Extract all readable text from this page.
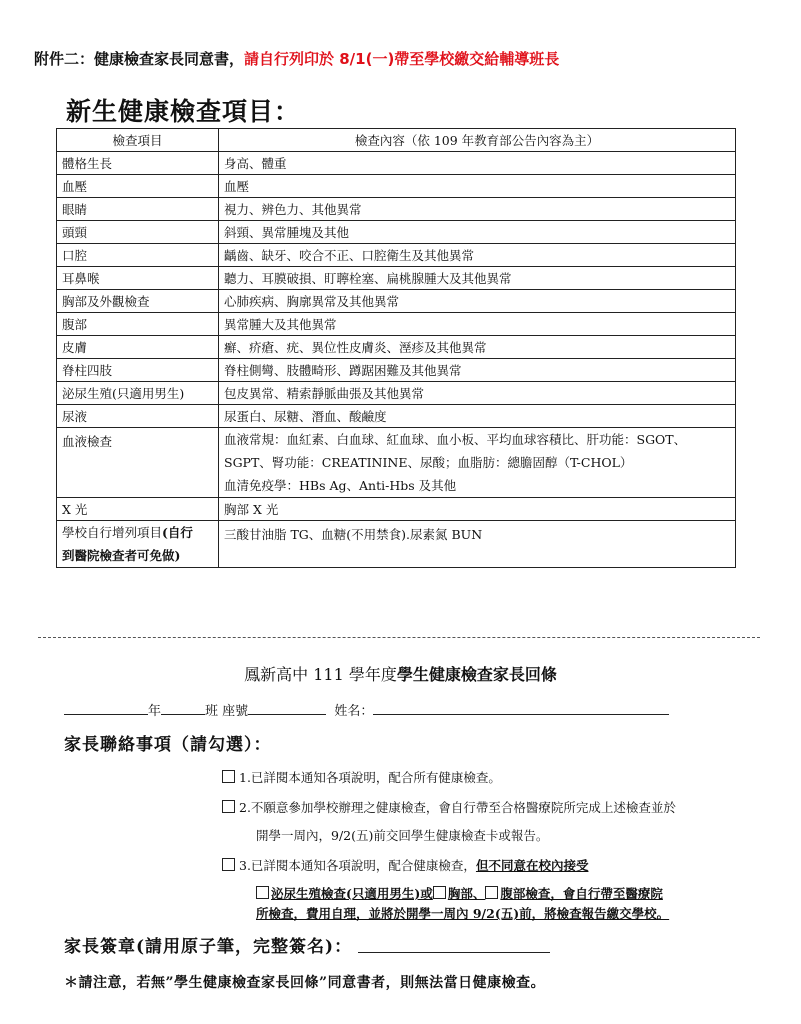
附件二：健康檢查家長同意書，請自行列印於 8/1(一)帶至學校繳交給輔導班長
新生健康檢查項目：
檢查項目	檢查內容（依 109 年教育部公告內容為主）
體格生長	身高、體重
血壓	血壓
眼睛	視力、辨色力、其他異常
頭頸	斜頸、異常腫塊及其他
口腔	齲齒、缺牙、咬合不正、口腔衛生及其他異常
耳鼻喉	聽力、耳膜破損、盯聹栓塞、扁桃腺腫大及其他異常
胸部及外觀檢查	心肺疾病、胸廓異常及其他異常
腹部	異常腫大及其他異常
皮膚	癬、疥瘡、疣、異位性皮膚炎、溼疹及其他異常
脊柱四肢	脊柱側彎、肢體畸形、蹲踞困難及其他異常
泌尿生殖(只適用男生)	包皮異常、精索靜脈曲張及其他異常
尿液	尿蛋白、尿糖、潛血、酸鹼度
血液檢查	血液常規：血紅素、白血球、紅血球、血小板、平均血球容積比、肝功能：SGOT、
SGPT、腎功能：CREATININE、尿酸；血脂肪：總膽固醇（T-CHOL）
血清免疫學：HBs Ag、Anti-Hbs 及其他

X 光	胸部 X 光

學校自行增列項目(自行
到醫院檢查者可免做)	三酸甘油脂 TG、血糖(不用禁食).尿素氮 BUN
鳳新高中 111 學年度學生健康檢查家長回條
年	班 座號	姓名：
家長聯絡事項（請勾選）：
1.已詳閱本通知各項說明，配合所有健康檢查。
2.不願意參加學校辦理之健康檢查，會自行帶至合格醫療院所完成上述檢查並於
開學一周內，9/2(五)前交回學生健康檢查卡或報告。
3.已詳閱本通知各項說明，配合健康檢查，但不同意在校內接受
泌尿生殖檢查(只適用男生)或 胸部、 腹部檢查，會自行帶至醫療院
所檢查，費用自理，並將於開學一周內 9/2(五)前，將檢查報告繳交學校。
家長簽章(請用原子筆，完整簽名)：
＊請注意，若無”學生健康檢查家長回條”同意書者，則無法當日健康檢查。
